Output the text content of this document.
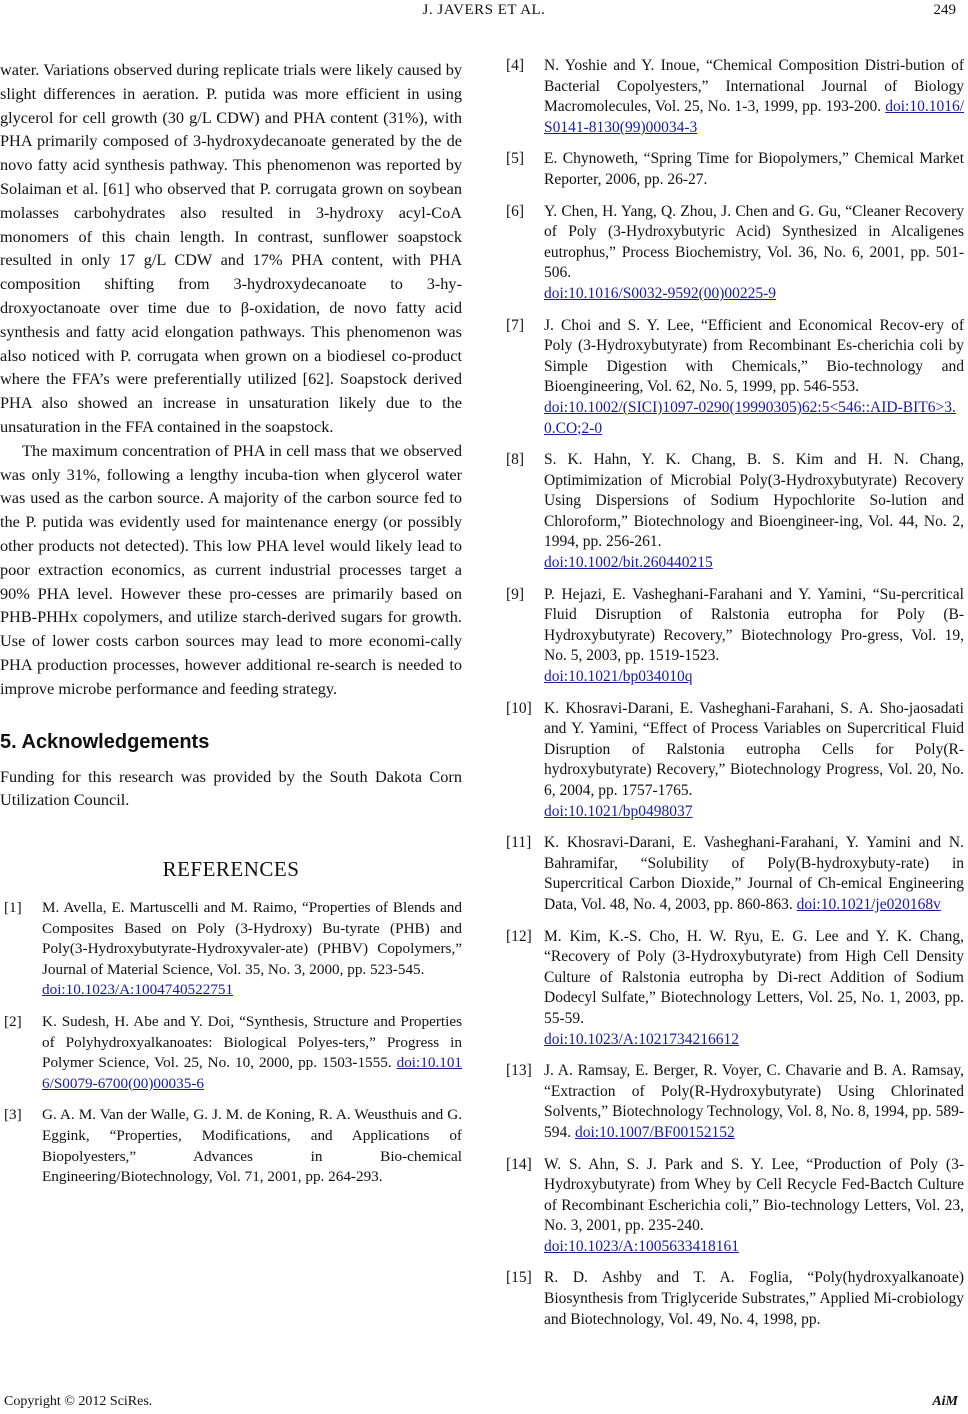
J. JAVERS ET AL.	249

water. Variations observed during replicate trials were likely caused by slight differences in aeration. P. putida was more efficient in using glycerol for cell growth (30 g/L CDW) and PHA content (31%), with PHA primarily composed of 3-hydroxydecanoate generated by the de novo fatty acid synthesis pathway. This phenomenon was reported by Solaiman et al. [61] who observed that P. corrugata grown on soybean molasses carbohydrates also resulted in 3-hydroxy acyl-CoA monomers of this chain length. In contrast, sunflower soapstock resulted in only 17 g/L CDW and 17% PHA content, with PHA composition shifting from 3-hydroxydecanoate to 3-hy-droxyoctanoate over time due to β-oxidation, de novo fatty acid synthesis and fatty acid elongation pathways. This phenomenon was also noticed with P. corrugata when grown on a biodiesel co-product where the FFA’s were preferentially utilized [62]. Soapstock derived PHA also showed an increase in unsaturation likely due to the unsaturation in the FFA contained in the soapstock.

The maximum concentration of PHA in cell mass that we observed was only 31%, following a lengthy incuba-tion when glycerol water was used as the carbon source. A majority of the carbon source fed to the P. putida was evidently used for maintenance energy (or possibly other products not detected). This low PHA level would likely lead to poor extraction economics, as current industrial processes target a 90% PHA level. However these pro-cesses are primarily based on PHB-PHHx copolymers, and utilize starch-derived sugars for growth. Use of lower costs carbon sources may lead to more economi-cally PHA production processes, however additional re-search is needed to improve microbe performance and feeding strategy.

5. Acknowledgements

Funding for this research was provided by the South Dakota Corn Utilization Council.

REFERENCES
[1] M. Avella, E. Martuscelli and M. Raimo, “Properties of Blends and Composites Based on Poly (3-Hydroxy) Bu-tyrate (PHB) and Poly(3-Hydroxybutyrate-Hydroxyvaler-ate) (PHBV) Copolymers,” Journal of Material Science, Vol. 35, No. 3, 2000, pp. 523-545.
doi:10.1023/A:1004740522751
[2] K. Sudesh, H. Abe and Y. Doi, “Synthesis, Structure and Properties of Polyhydroxyalkanoates: Biological Polyes-ters,” Progress in Polymer Science, Vol. 25, No. 10, 2000, pp. 1503-1555. doi:10.1016/S0079-6700(00)00035-6
[3] G. A. M. Van der Walle, G. J. M. de Koning, R. A. Weusthuis and G. Eggink, “Properties, Modifications, and Applications of Biopolyesters,” Advances in Bio-chemical Engineering/Biotechnology, Vol. 71, 2001, pp. 264-293.
[4] N. Yoshie and Y. Inoue, “Chemical Composition Distri-bution of Bacterial Copolyesters,” International Journal of Biology Macromolecules, Vol. 25, No. 1-3, 1999, pp. 193-200. doi:10.1016/S0141-8130(99)00034-3
[5] E. Chynoweth, “Spring Time for Biopolymers,” Chemical Market Reporter, 2006, pp. 26-27.
[6] Y. Chen, H. Yang, Q. Zhou, J. Chen and G. Gu, “Cleaner Recovery of Poly (3-Hydroxybutyric Acid) Synthesized in Alcaligenes eutrophus,” Process Biochemistry, Vol. 36, No. 6, 2001, pp. 501-506.
doi:10.1016/S0032-9592(00)00225-9
[7] J. Choi and S. Y. Lee, “Efficient and Economical Recov-ery of Poly (3-Hydroxybutyrate) from Recombinant Es-cherichia coli by Simple Digestion with Chemicals,” Bio-technology and Bioengineering, Vol. 62, No. 5, 1999, pp. 546-553.
doi:10.1002/(SICI)1097-0290(19990305)62:5<546::AID-BIT6>3.0.CO;2-0
[8] S. K. Hahn, Y. K. Chang, B. S. Kim and H. N. Chang, Optimimization of Microbial Poly(3-Hydroxybutyrate) Recovery Using Dispersions of Sodium Hypochlorite So-lution and Chloroform,” Biotechnology and Bioengineer-ing, Vol. 44, No. 2, 1994, pp. 256-261.
doi:10.1002/bit.260440215
[9] P. Hejazi, E. Vasheghani-Farahani and Y. Yamini, “Su-percritical Fluid Disruption of Ralstonia eutropha for Poly (B-Hydroxybutyrate) Recovery,” Biotechnology Pro-gress, Vol. 19, No. 5, 2003, pp. 1519-1523.
doi:10.1021/bp034010q
[10] K. Khosravi-Darani, E. Vasheghani-Farahani, S. A. Sho-jaosadati and Y. Yamini, “Effect of Process Variables on Supercritical Fluid Disruption of Ralstonia eutropha Cells for Poly(R-hydroxybutyrate) Recovery,” Biotechnology Progress, Vol. 20, No. 6, 2004, pp. 1757-1765.
doi:10.1021/bp0498037
[11] K. Khosravi-Darani, E. Vasheghani-Farahani, Y. Yamini and N. Bahramifar, “Solubility of Poly(B-hydroxybuty-rate) in Supercritical Carbon Dioxide,” Journal of Ch-emical Engineering Data, Vol. 48, No. 4, 2003, pp. 860-863. doi:10.1021/je020168v
[12] M. Kim, K.-S. Cho, H. W. Ryu, E. G. Lee and Y. K. Chang, “Recovery of Poly (3-Hydroxybutyrate) from High Cell Density Culture of Ralstonia eutropha by Di-rect Addition of Sodium Dodecyl Sulfate,” Biotechnology Letters, Vol. 25, No. 1, 2003, pp. 55-59.
doi:10.1023/A:1021734216612
[13] J. A. Ramsay, E. Berger, R. Voyer, C. Chavarie and B. A. Ramsay, “Extraction of Poly(R-Hydroxybutyrate) Using Chlorinated Solvents,” Biotechnology Technology, Vol. 8, No. 8, 1994, pp. 589-594. doi:10.1007/BF00152152
[14] W. S. Ahn, S. J. Park and S. Y. Lee, “Production of Poly (3-Hydroxybutyrate) from Whey by Cell Recycle Fed-Bactch Culture of Recombinant Escherichia coli,” Bio-technology Letters, Vol. 23, No. 3, 2001, pp. 235-240.
doi:10.1023/A:1005633418161
[15] R. D. Ashby and T. A. Foglia, “Poly(hydroxyalkanoate) Biosynthesis from Triglyceride Substrates,” Applied Mi-crobiology and Biotechnology, Vol. 49, No. 4, 1998, pp.
Copyright © 2012 SciRes.	AiM
